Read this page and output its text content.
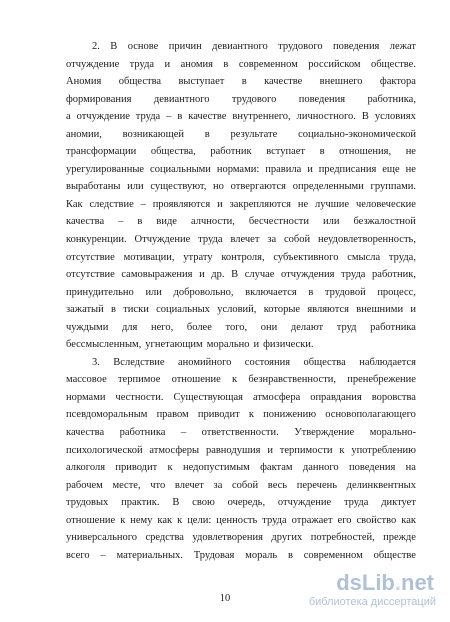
2. В основе причин девиантного трудового поведения лежат
отчуждение труда и аномия в современном российском обществе.
Аномия общества выступает в качестве внешнего фактора
формирования девиантного трудового поведения работника,
а отчуждение труда – в качестве внутреннего, личностного. В условиях
аномии, возникающей в результате социально-экономической
трансформации общества, работник вступает в отношения, не
урегулированные социальными нормами: правила и предписания еще не
выработаны или существуют, но отвергаются определенными группами.
Как следствие – проявляются и закрепляются не лучшие человеческие
качества – в виде алчности, бесчестности или безжалостной
конкуренции. Отчуждение труда влечет за собой неудовлетворенность,
отсутствие мотивации, утрату контроля, субъективного смысла труда,
отсутствие самовыражения и др. В случае отчуждения труда работник,
принудительно или добровольно, включается в трудовой процесс,
зажатый в тиски социальных условий, которые являются внешними и
чуждыми для него, более того, они делают труд работника
бессмысленным, угнетающим морально и физически.
3. Вследствие аномийного состояния общества наблюдается
массовое терпимое отношение к безнравственности, пренебрежение
нормами честности. Существующая атмосфера оправдания воровства
псевдоморальным правом приводит к понижению основополагающего
качества работника – ответственности. Утверждение морально-
психологической атмосферы равнодушия и терпимости к употреблению
алкоголя приводит к недопустимым фактам данного поведения на
рабочем месте, что влечет за собой весь перечень делинквентных
трудовых практик. В свою очередь, отчуждение труда диктует
отношение к нему как к цели: ценность труда отражает его свойство как
универсального средства удовлетворения других потребностей, прежде
всего – материальных. Трудовая мораль в современном обществе
10
dsLib . net
библиотека диссертаций
